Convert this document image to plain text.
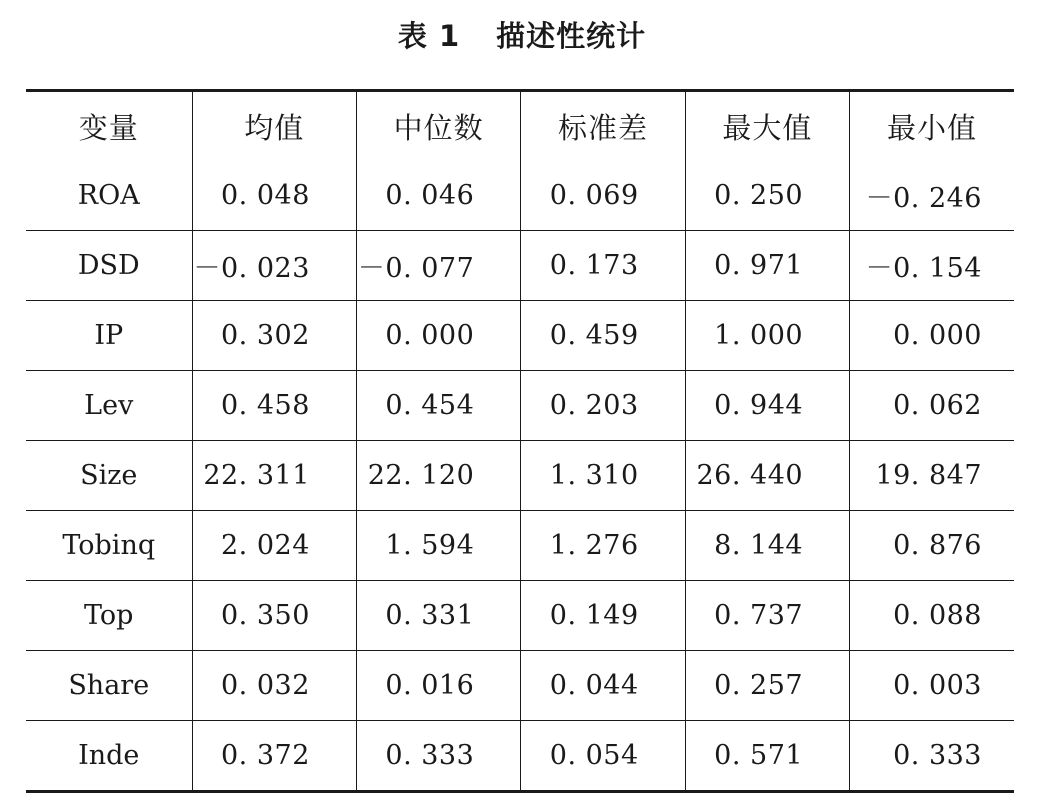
表 1 描述性统计
变量	均值	中位数	标准差	最大值	最小值
ROA	0. 048	0. 046	0. 069	0. 250	－0. 246
DSD	－0. 023	－0. 077	0. 173	0. 971	－0. 154
IP	0. 302	0. 000	0. 459	1. 000	0. 000
Lev	0. 458	0. 454	0. 203	0. 944	0. 062
Size	22. 311	22. 120	1. 310	26. 440	19. 847
Tobinq	2. 024	1. 594	1. 276	8. 144	0. 876
Top	0. 350	0. 331	0. 149	0. 737	0. 088
Share	0. 032	0. 016	0. 044	0. 257	0. 003
Inde	0. 372	0. 333	0. 054	0. 571	0. 333
